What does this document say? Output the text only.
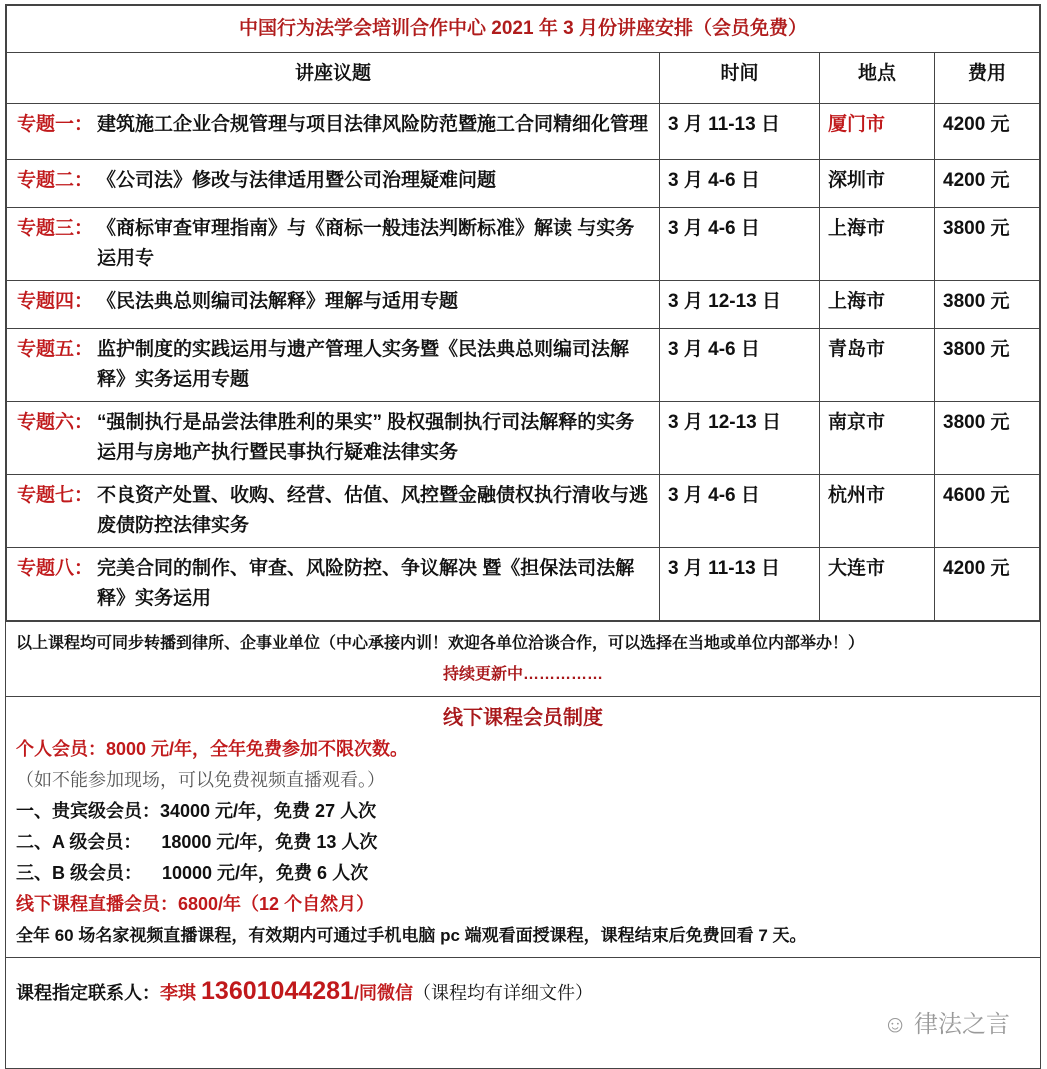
中国行为法学会培训合作中心 2021 年 3 月份讲座安排（会员免费）			
讲座议题	时间	地点	费用
专题一： 建筑施工企业合规管理与项目法律风险防范暨施工合同精细化管理	3 月 11-13 日	厦门市	4200 元
专题二： 《公司法》修改与法律适用暨公司治理疑难问题	3 月 4-6 日	深圳市	4200 元
专题三： 《商标审查审理指南》与《商标一般违法判断标准》解读 与实务运用专	3 月 4-6 日	上海市	3800 元
专题四： 《民法典总则编司法解释》理解与适用专题	3 月 12-13 日	上海市	3800 元
专题五： 监护制度的实践运用与遗产管理人实务暨《民法典总则编司法解释》实务运用专题	3 月 4-6 日	青岛市	3800 元
专题六： “强制执行是品尝法律胜利的果实” 股权强制执行司法解释的实务运用与房地产执行暨民事执行疑难法律实务	3 月 12-13 日	南京市	3800 元
专题七： 不良资产处置、收购、经营、估值、风控暨金融债权执行清收与逃废债防控法律实务	3 月 4-6 日	杭州市	4600 元
专题八： 完美合同的制作、审查、风险防控、争议解决 暨《担保法司法解释》实务运用	3 月 11-13 日	大连市	4200 元
以上课程均可同步转播到律所、企事业单位（中心承接内训！欢迎各单位洽谈合作，可以选择在当地或单位内部举办！）
持续更新中……………
线下课程会员制度
个人会员：8000 元/年，全年免费参加不限次数。
（如不能参加现场，可以免费视频直播观看。）
一、贵宾级会员：34000 元/年，免费 27 人次
二、A 级会员：    18000 元/年，免费 13 人次
三、B 级会员：    10000 元/年，免费 6 人次
线下课程直播会员：6800/年（12 个自然月）
全年 60 场名家视频直播课程，有效期内可通过手机电脑 pc 端观看面授课程，课程结束后免费回看 7 天。
课程指定联系人：李琪 13601044281/同微信（课程均有详细文件）
☺ 律法之言
